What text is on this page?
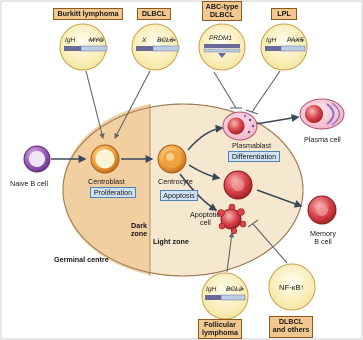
Burkitt lymphoma	DLBCL
ABC-type
DLBCL	LPL
IgH MYC	X BCL6	PRDM1	IgH PAX5
IgH BCL2	NF-κB↑
Naive B cell	Centroblast	Centrocyte
Plasmablast
Plasma cell
Memory
B cell
Apoptotic
cell
Proliferation	Apoptosis
Differentiation
Dark
zone
Light zone
Germinal centre
Follicular
lymphoma
DLBCL
and others
